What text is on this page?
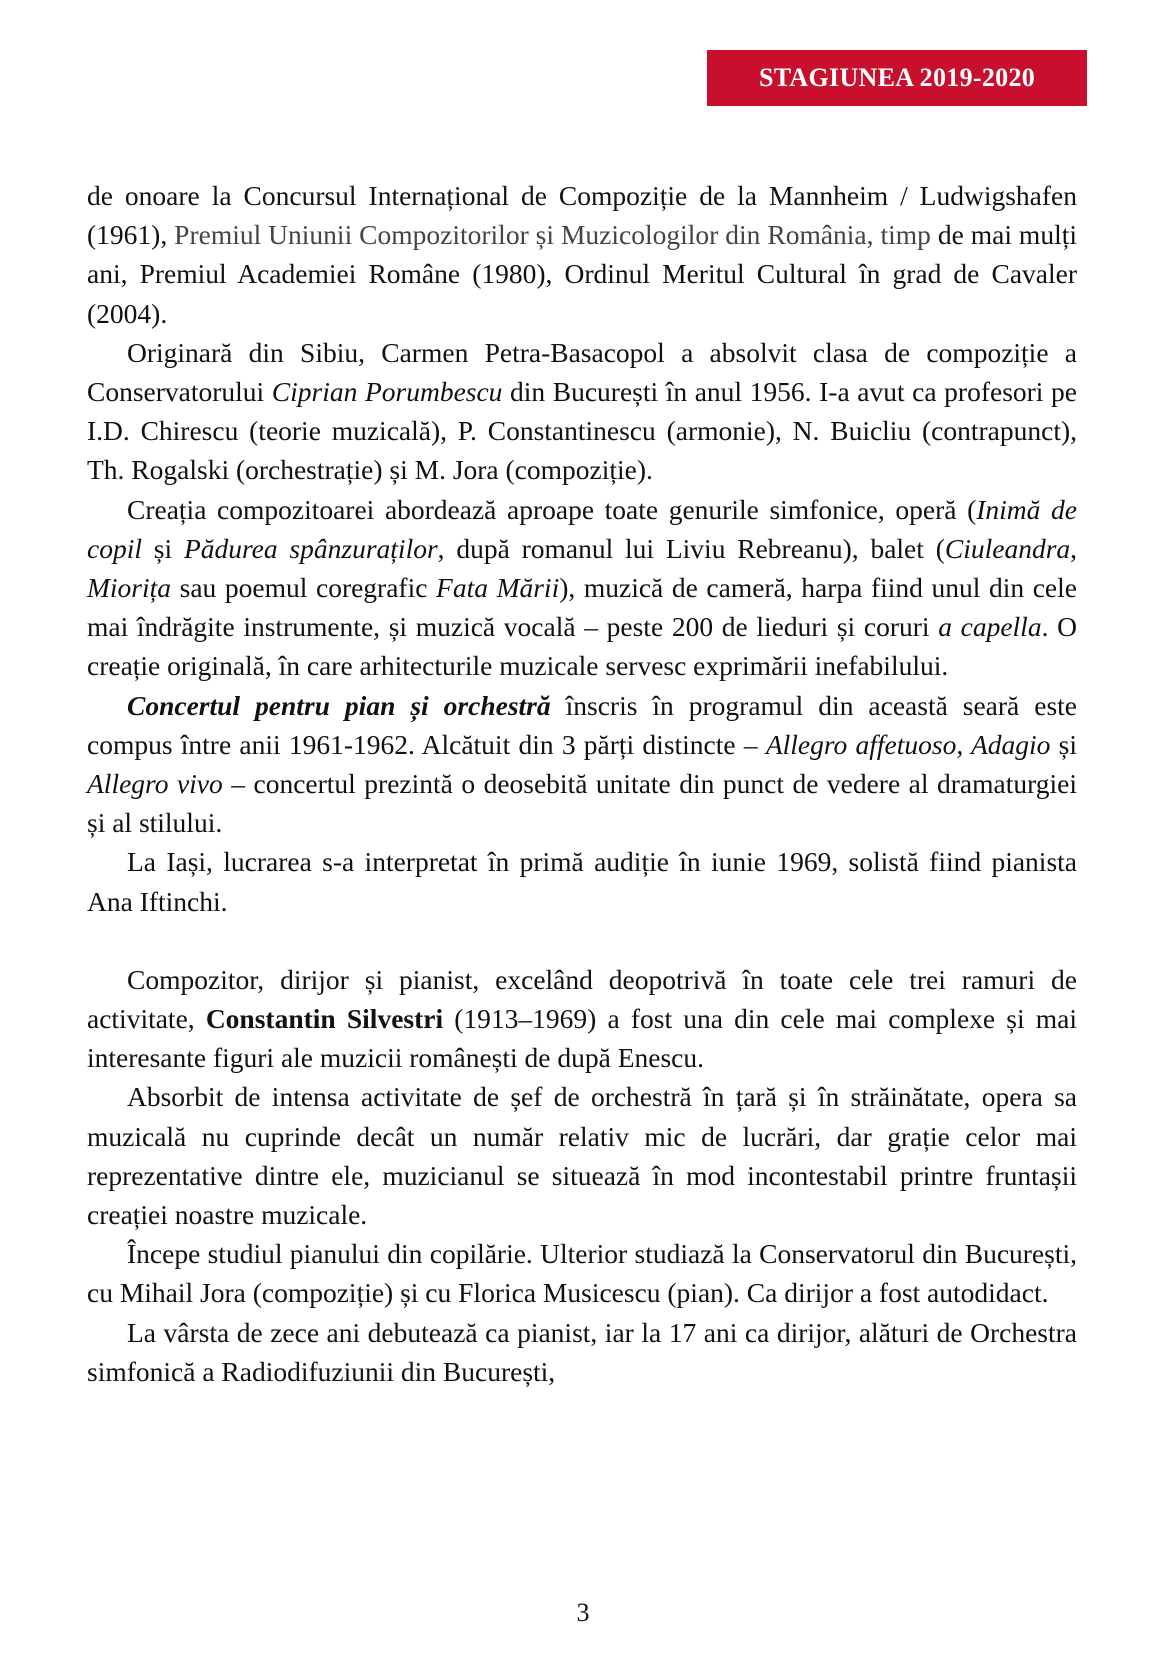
STAGIUNEA 2019-2020

de onoare la Concursul Internațional de Compoziție de la Mannheim / Ludwigshafen (1961), Premiul Uniunii Compozitorilor și Muzicologilor din România, timp de mai mulți ani, Premiul Academiei Române (1980), Ordinul Meritul Cultural în grad de Cavaler (2004).

Originară din Sibiu, Carmen Petra-Basacopol a absolvit clasa de compoziție a Conservatorului Ciprian Porumbescu din București în anul 1956. I-a avut ca profesori pe I.D. Chirescu (teorie muzicală), P. Constantinescu (armonie), N. Buicliu (contrapunct), Th. Rogalski (orchestrație) și M. Jora (compoziție).

Creația compozitoarei abordează aproape toate genurile simfonice, operă (Inimă de copil și Pădurea spânzuraților, după romanul lui Liviu Rebreanu), balet (Ciuleandra, Miorița sau poemul coregrafic Fata Mării), muzică de cameră, harpa fiind unul din cele mai îndrăgite instrumente, și muzică vocală – peste 200 de lieduri și coruri a capella. O creație originală, în care arhitecturile muzicale servesc exprimării inefabilului.

Concertul pentru pian și orchestră înscris în programul din această seară este compus între anii 1961-1962. Alcătuit din 3 părți distincte – Allegro affetuoso, Adagio și Allegro vivo – concertul prezintă o deosebită unitate din punct de vedere al dramaturgiei și al stilului.

La Iași, lucrarea s-a interpretat în primă audiție în iunie 1969, solistă fiind pianista Ana Iftinchi.

Compozitor, dirijor și pianist, excelând deopotrivă în toate cele trei ramuri de activitate, Constantin Silvestri (1913–1969) a fost una din cele mai complexe și mai interesante figuri ale muzicii românești de după Enescu.

Absorbit de intensa activitate de șef de orchestră în țară și în străinătate, opera sa muzicală nu cuprinde decât un număr relativ mic de lucrări, dar grație celor mai reprezentative dintre ele, muzicianul se situează în mod incontestabil printre fruntașii creației noastre muzicale.

Începe studiul pianului din copilărie. Ulterior studiază la Conservatorul din București, cu Mihail Jora (compoziție) și cu Florica Musicescu (pian). Ca dirijor a fost autodidact.

La vârsta de zece ani debutează ca pianist, iar la 17 ani ca dirijor, alături de Orchestra simfonică a Radiodifuziunii din București,

3
